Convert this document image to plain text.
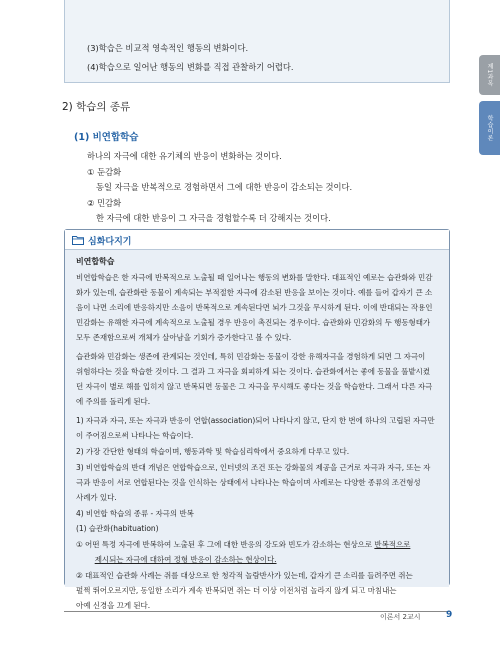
(3)학습은 비교적 영속적인 행동의 변화이다.

(4)학습으로 일어난 행동의 변화를 직접 관찰하기 어렵다.	제1과목
학습이론
2) 학습의 종류
(1) 비연합학습
하나의 자극에 대한 유기체의 반응이 변화하는 것이다.
① 둔감화
동일 자극을 반복적으로 경험하면서 그에 대한 반응이 감소되는 것이다.
② 민감화
한 자극에 대한 반응이 그 자극을 경험할수록 더 강해지는 것이다.
심화다지기
비연합학습
비연합학습은 한 자극에 반복적으로 노출될 때 일어나는 행동의 변화를 말한다. 대표적인 예로는 습관화와 민감
화가 있는데, 습관화란 동물이 계속되는 부적절한 자극에 감소된 반응을 보이는 것이다. 예를 들어 갑자기 큰 소
음이 나면 소리에 반응하지만 소음이 반복적으로 계속된다면 뇌가 그것을 무시하게 된다. 이에 반대되는 작용인
민감화는 유해한 자극에 계속적으로 노출될 경우 반응이 촉진되는 경우이다. 습관화와 민감화의 두 행동형태가
모두 존재함으로써 개체가 살아남을 기회가 증가한다고 볼 수 있다.
습관화와 민감화는 생존에 관계되는 것인데, 특히 민감화는 동물이 강한 유해자극을 경험하게 되면 그 자극이
위험하다는 것을 학습한 것이다. 그 결과 그 자극을 회피하게 되는 것이다. 습관화에서는 좋에 동물을 풀밭시켰
던 자극이 별로 해를 입히지 않고 반복되면 동물은 그 자극을 무시해도 좋다는 것을 학습한다. 그래서 다른 자극
에 주의를 돌리게 된다.
1) 자극과 자극, 또는 자극과 반응이 연합(association)되어 나타나지 않고, 단지 한 번에 하나의 고립된 자극만
이 주어짐으로써 나타나는 학습이다.
2) 가장 간단한 형태의 학습이며, 행동과학 및 학습심리학에서 중요하게 다루고 있다.
3) 비연합학습의 반대 개념은 연합학습으로, 인터넷의 조건 또는 강화물의 제공을 근거로 자극과 자극, 또는 자
극과 반응이 서로 연합된다는 것을 인식하는 상태에서 나타나는 학습이며 사례로는 다양한 종류의 조건형성
사례가 있다.
4) 비연합 학습의 종류 - 자극의 반복
(1) 습관화(habituation)
① 어떤 특정 자극에 반복하여 노출된 후 그에 대한 반응의 강도와 빈도가 감소하는 현상으로 반복적으로
제시되는 자극에 대하여 정형 반응이 감소하는 현상이다.
② 대표적인 습관화 사례는 쥐를 대상으로 한 청각적 놀람반사가 있는데, 갑자기 큰 소리를 들려주면 쥐는
펄쩍 뛰어오르지만, 동일한 소리가 계속 반복되면 쥐는 더 이상 이전처럼 놀라지 않게 되고 마침내는
아예 신경을 끄게 된다.
이론서 2교시	9
